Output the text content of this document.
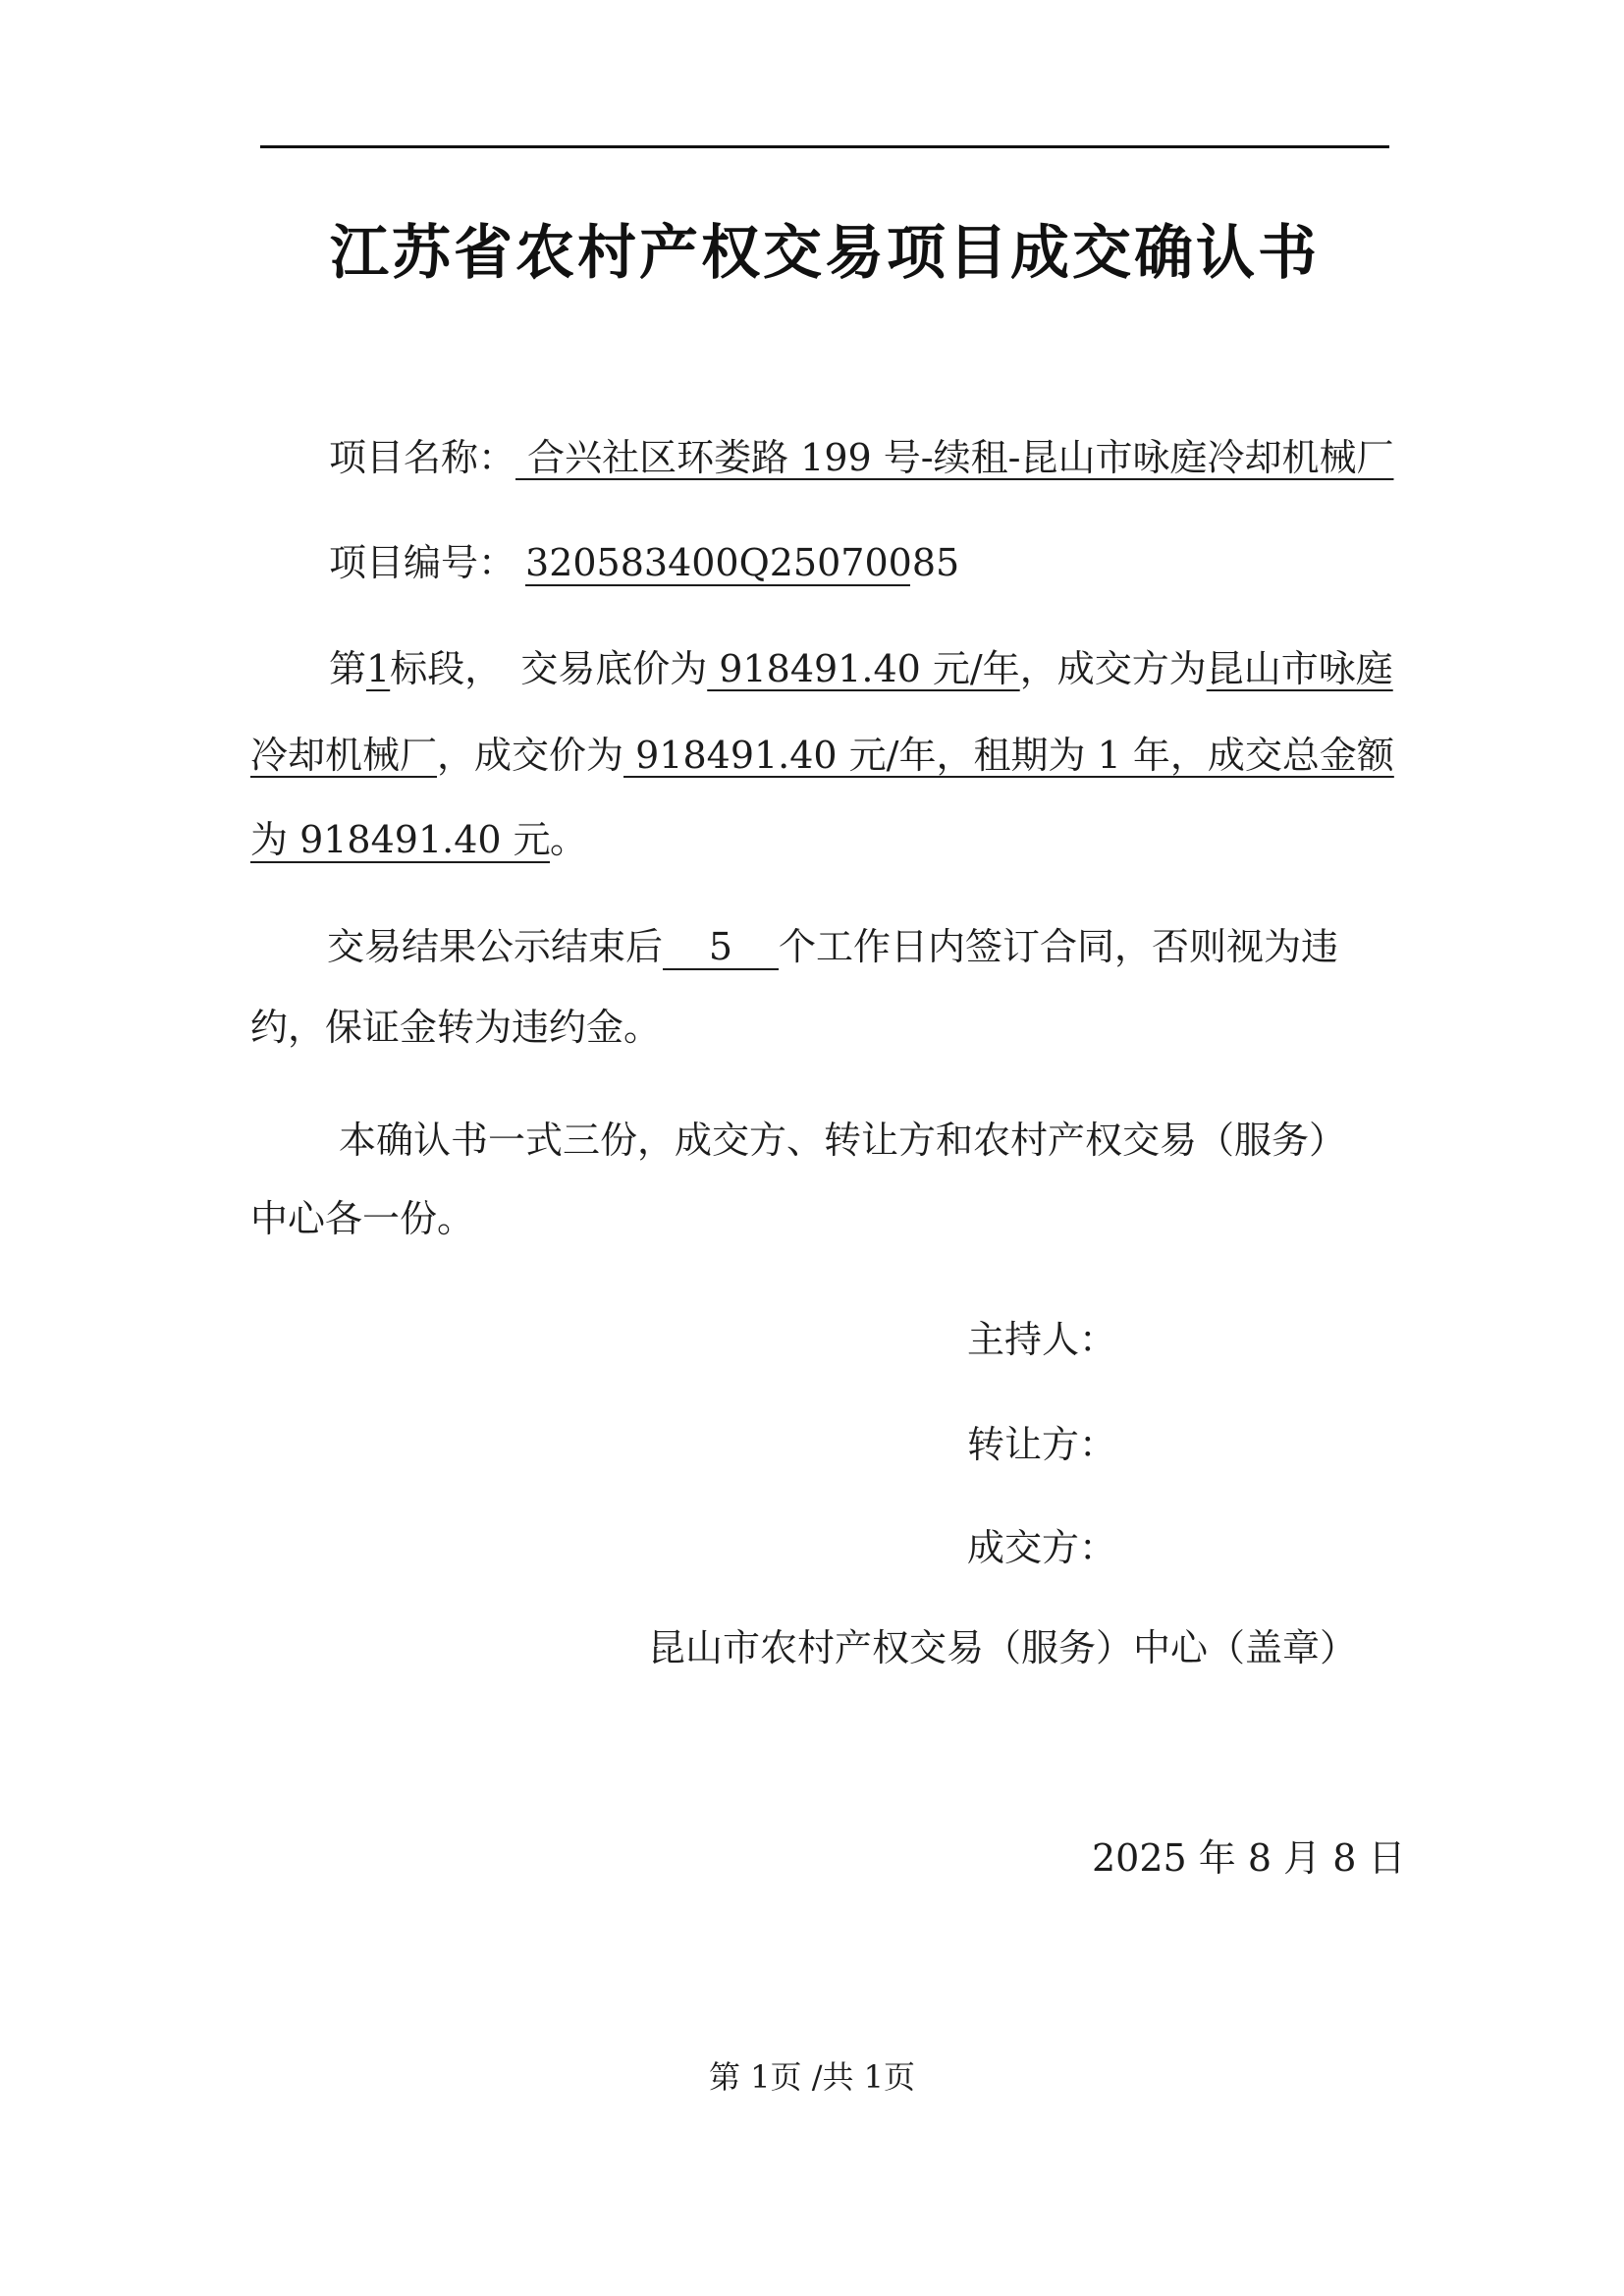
江苏省农村产权交易项目成交确认书
项目名称： 合兴社区环娄路 199 号-续租-昆山市咏庭冷却机械厂
项目编号： 320583400Q25070085
第1标段，　交易底价为 918491.40 元/年，成交方为昆山市咏庭
冷却机械厂，成交价为 918491.40 元/年，租期为 1 年，成交总金额
为 918491.40 元。
交易结果公示结束后 5 个工作日内签订合同，否则视为违
约，保证金转为违约金。
本确认书一式三份，成交方、转让方和农村产权交易（服务）
中心各一份。
主持人：
转让方：
成交方：
昆山市农村产权交易（服务）中心（盖章）
2025 年 8 月 8 日
第 1页 /共 1页
